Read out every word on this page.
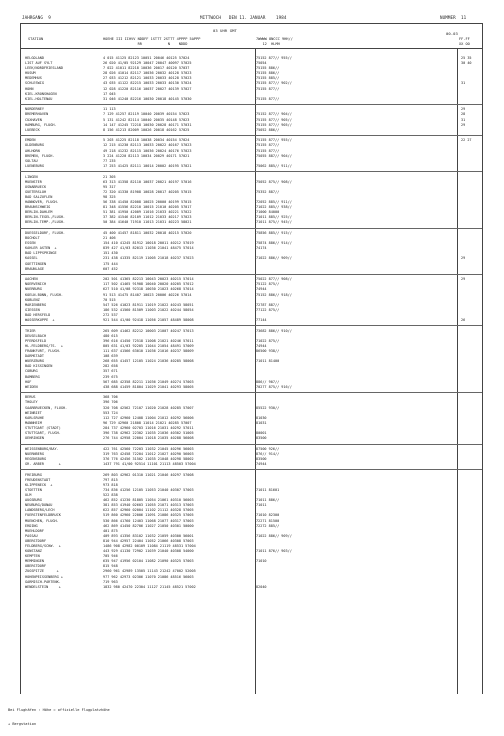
JAHRGANG  9	MITTWOCH   DEN 11. JANUAR    1984	NUMMER  11
03 UHR GMT
00-03
STATION	HOEHE III IIHVV NDDFF 1STTT 2STTT 4PPPP 5APPP
RR            N    NDDD
7WWWW 8NCCC 9HH//
12  HLMH
FF-FF
XX OO
HELGOLAND	4 015 41125 82123 10051 20046 40125 57024	75152 877// 955//	25 35
LIST AUF SYLT	26 020 41/05 92129 10047 20047 40097 57025	75054	30 40
LEEK/NORDFRIESLAND	7 022 41011 82218 10036 20017 40120 57037	75155 886//
HUSUM	28 026 41014 82117 10036 20032 40128 57023	75155 886//
MEDEMHUS	27 033 41212 82121 10033 20033 40128 57023	75155 885//
SCHLESWIG	43 035 41122 82215 10033 20033 40130 57024	75155 877// 902//	31
HOHN	12 028 41220 82116 10037 20027 40139 57027	75155 877//
KIEL-KRONSHAGEN	17 045
KIEL-HOLTENAU	31 046 41240 82216 10030 20018 40145 57030	75155 877//
NORDERNEY	11 113	29
BREMERHAVEN	7 129 41257 82119 10040 20039 40154 57023	75152 877// 904//	28
CUXHAVEN	5 131 41242 82114 10040 20035 40148 57023	75155 877// 905//	31
HAMBURG, FLUGH.	14 147 41245 72218 10030 20028 40171 57031	75155 877// 905//	29
LUEBECK	8 156 41213 82009 10026 20018 40162 57025	75052 886//
EMDEN	5 203 41225 82118 10038 20034 40154 57024	75155 877// 955//	22 27
OLDENBURG	12 215 41230 82113 10033 20022 40167 57023	75155 877//
AHLHORN	49 218 41232 82115 10036 20024 40176 57023	75155 877//
BREMEN, FLUGH.	3 224 41220 82113 10034 20029 40171 57021	75055 887// 904//
SOLTAU	77 235
LUENEBURG	17 253 41425 82111 10014 20002 40195 57021	75062 885// 911//
LINGEN	21 305
MUENSTER	63 313 41358 82110 10037 20021 40197 57016	75052 875// 908//
OSNABRUECK	95 317
GUETERSLOH	72 320 41330 81908 10028 20017 40205 57015	75352 887//
BAD SALZUFLEN	98 325
HANNOVER, FLUGH.	56 338 41450 82008 10025 20000 40199 57015	72052 885// 911//
BRAUNSCHWEIG	81 348 41556 82210 10015 21010 40205 57017	71022 885// 938//
BERLIN-DAHLEM	51 381 41950 42009 11016 21033 40221 57022	71000 84000
BERLIN-TEGEL,FLUGH.	37 382 41546 82109 11012 21033 40217 57023	71011 885// 925//
BERLIN-TEMP.,FLUGH.	50 384 41640 71910 11013 21031 40223 58021	71011 875// 945//
DUESSELDORF, FLUGH.	45 400 41457 81811 10032 20018 40215 57020	75856 885// 915//
BOCHOLT	21 406
ESSEN	154 410 41245 81912 10018 20011 40212 57019	75874 886// 914//
KAHLER ASTEN  +	839 427 41/03 82013 11036 21041 48475 57014	74174
BAD LIPPSPRINGE	151 430
KASSEL	231 438 41335 82119 11005 21018 40237 57023	71022 886// 909//	29
GOETTINGEN	175 444
BRAUNLAGE	607 452
AACHEN	202 501 41365 82213 10043 20023 40215 57014	75022 877// 908//	29
NOERVENICH	117 502 41465 91908 10040 20020 40205 57012	75122 875//
NUERBURG	627 510 41/08 92318 10030 21023 40268 57014	74944
KOELN-BONN, FLUGH.	91 513 41475 81407 10023 20006 40226 57014	75152 886// 918//
KOBLENZ	70 515
MARIENBERG	547 526 41023 81911 11019 21022 40243 58051	72787 887//
GIESSEN	186 532 41560 81509 11003 21022 40244 58054	77122 875//
BAD HERSFELD	272 537
WASSERKUPPE  +	921 544 41/00 92418 11056 21057 48489 58008	77144	26
TRIER	265 609 41462 82212 10003 21007 40247 57013	73682 886// 910//
DEUSELBACH	480 615
PFERDSFELD	396 616 41450 72518 11008 21021 40246 57011	71022 875//
HL.FELDBERG/TS.  +	805 631 41/03 92205 11044 21054 48491 57009	74944
FRANKFURT, FLUGH.	111 637 41566 63010 11036 21016 40237 58009	86500 938//
DARMSTADT	108 639
WUERZBURG	268 655 41457 12105 11024 21036 40285 58008	71011 81400
BAD KISSINGEN	282 658
COBURG	357 671
BAMBERG	239 675
HOF	567 685 42358 82211 11036 21049 40274 57003	886// 907//
WEIDEN	438 688 41459 81804 11029 21041 40293 58005	70277 875// 916//
BERUS	368 706
THOLEY	396 706
SAARBRUECKEN, FLUGH.	320 708 42562 72107 11020 21028 40285 57007	85522 930//
WEINBIET	553 724
KARLSRUHE	112 727 42960 12408 11004 21012 40292 56006	81030
MANNHEIM	96 729 42960 21808 11014 21021 40285 57007	81031
STUTTGART (STADT)	284 737 42960 02703 11016 21031 40292 57011
STUTTGART, FLUGH.	396 738 42962 22302 11035 21036 40302 51005	80001
OEHRINGEN	276 744 42958 22004 11018 21035 40288 56008	83500
WEISSENBURG/BAY.	422 761 42560 72203 11032 21045 40296 56003	87500 926//
NUERNBERG	319 763 42458 72204 11012 21027 40290 56003	876// 914//
REGENSBURG	376 776 42456 31502 11035 21048 40298 58002	83500
GR. ARBER       +	1437 791 41/00 92514 11101 21113 48503 57004	74944
FREIBURG	269 803 42962 01310 11021 21046 40297 57008
FREUDENSTADT	797 815
KLIPPENECK  +	973 818
STOETTEN	734 836 41256 12105 11053 21040 40307 57003	71011 81601
ULM	522 838
AUGSBURG	462 852 41230 81805 11054 21061 40310 56003	71011 886//
NEUBURG/DONAU	381 853 41940 02603 11055 21071 40313 57003	71011
LANDSBERG/LECH	622 857 42960 02004 11102 21112 40328 57005
FUERSTENFELDBRUCK	519 860 42960 22006 11091 21086 40325 57005	71010 82300
MUENCHEN, FLUGH.	530 866 41760 12403 11068 21077 40317 57003	72271 81500
ERDING	462 869 41450 82706 11027 21050 40301 50000	72272 885//
MUEHLDORF	401 875
PASSAU	409 893 41356 83102 11032 21059 40300 56001	71022 886// 909//
OBERSTDORF	810 944 42957 22404 11052 21066 40308 57003
FELDBERG/SCHW.  +	1486 908 42982 00109 11084 21119 48531 57004
KONSTANZ	443 929 41130 72902 11039 21040 40308 54000	71011 876// 903//
KEMPTEN	705 946
MEMMINGEN	635 947 41956 02104 11082 21090 40325 57003	71010
OBERSTDORF	815 948
ZUGSPITZE      +	2960 961 42989 13505 11143 21242 47002 52005
HOHENPEISSENBERG +	977 962 42973 02306 11070 21086 48516 56003
GARMISCH-PARTENK.	719 963
WENDELSTEIN     +	1832 980 42470 22304 11127 21145 48521 57002	82040

Bei Flughäfen : Höhe = offizielle Flugplatzhöhe

+ Bergstation
